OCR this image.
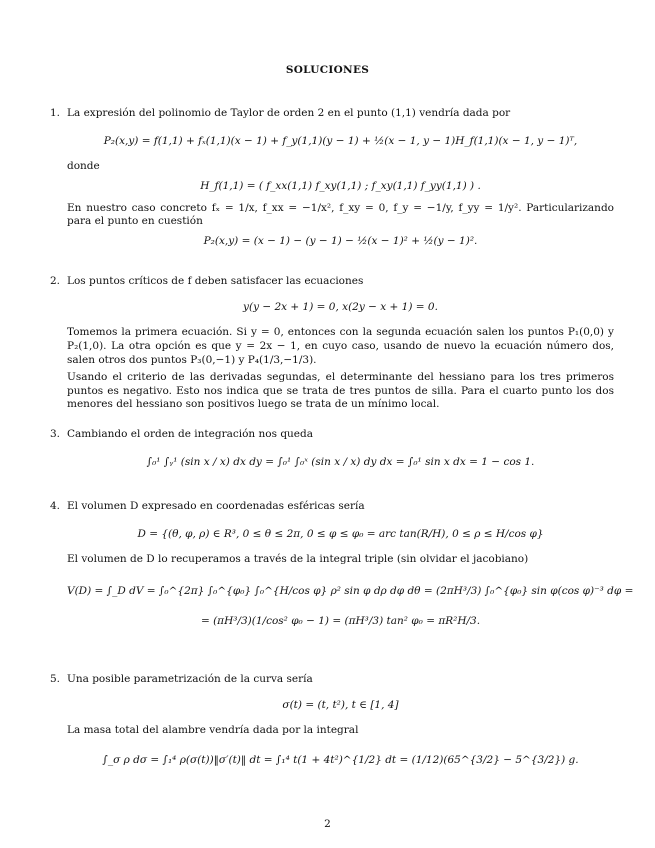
SOLUCIONES
1. La expresión del polinomio de Taylor de orden 2 en el punto (1,1) vendría dada por

P₂(x,y) = f(1,1) + fₓ(1,1)(x − 1) + f_y(1,1)(y − 1) + ½(x − 1, y − 1)H_f(1,1)(x − 1, y − 1)ᵀ,

donde

H_f(1,1) = ( f_xx(1,1) f_xy(1,1) ; f_xy(1,1) f_yy(1,1) ) .

En nuestro caso concreto fₓ = 1/x, f_xx = −1/x², f_xy = 0, f_y = −1/y, f_yy = 1/y². Particularizando para el punto en cuestión

P₂(x,y) = (x − 1) − (y − 1) − ½(x − 1)² + ½(y − 1)².
2. Los puntos críticos de f deben satisfacer las ecuaciones

y(y − 2x + 1) = 0, x(2y − x + 1) = 0.

Tomemos la primera ecuación. Si y = 0, entonces con la segunda ecuación salen los puntos P₁(0,0) y P₂(1,0). La otra opción es que y = 2x − 1, en cuyo caso, usando de nuevo la ecuación número dos, salen otros dos puntos P₃(0,−1) y P₄(1/3,−1/3).

Usando el criterio de las derivadas segundas, el determinante del hessiano para los tres primeros puntos es negativo. Esto nos indica que se trata de tres puntos de silla. Para el cuarto punto los dos menores del hessiano son positivos luego se trata de un mínimo local.

3. Cambiando el orden de integración nos queda

∫₀¹ ∫ᵧ¹ (sin x / x) dx dy = ∫₀¹ ∫₀ˣ (sin x / x) dy dx = ∫₀¹ sin x dx = 1 − cos 1.
4. El volumen D expresado en coordenadas esféricas sería

D = {(θ, φ, ρ) ∈ R³, 0 ≤ θ ≤ 2π, 0 ≤ φ ≤ φ₀ = arc tan(R/H), 0 ≤ ρ ≤ H/cos φ}

El volumen de D lo recuperamos a través de la integral triple (sin olvidar el jacobiano)

V(D) = ∫_D dV = ∫₀^{2π} ∫₀^{φ₀} ∫₀^{H/cos φ} ρ² sin φ dρ dφ dθ = (2πH³/3) ∫₀^{φ₀} sin φ(cos φ)⁻³ dφ =
= (πH³/3)(1/cos² φ₀ − 1) = (πH³/3) tan² φ₀ = πR²H/3.
5. Una posible parametrización de la curva sería

σ(t) = (t, t²), t ∈ [1, 4]

La masa total del alambre vendría dada por la integral

∫_σ ρ dσ = ∫₁⁴ ρ(σ(t))‖σ′(t)‖ dt = ∫₁⁴ t(1 + 4t²)^{1/2} dt = (1/12)(65^{3/2} − 5^{3/2}) g.
2
